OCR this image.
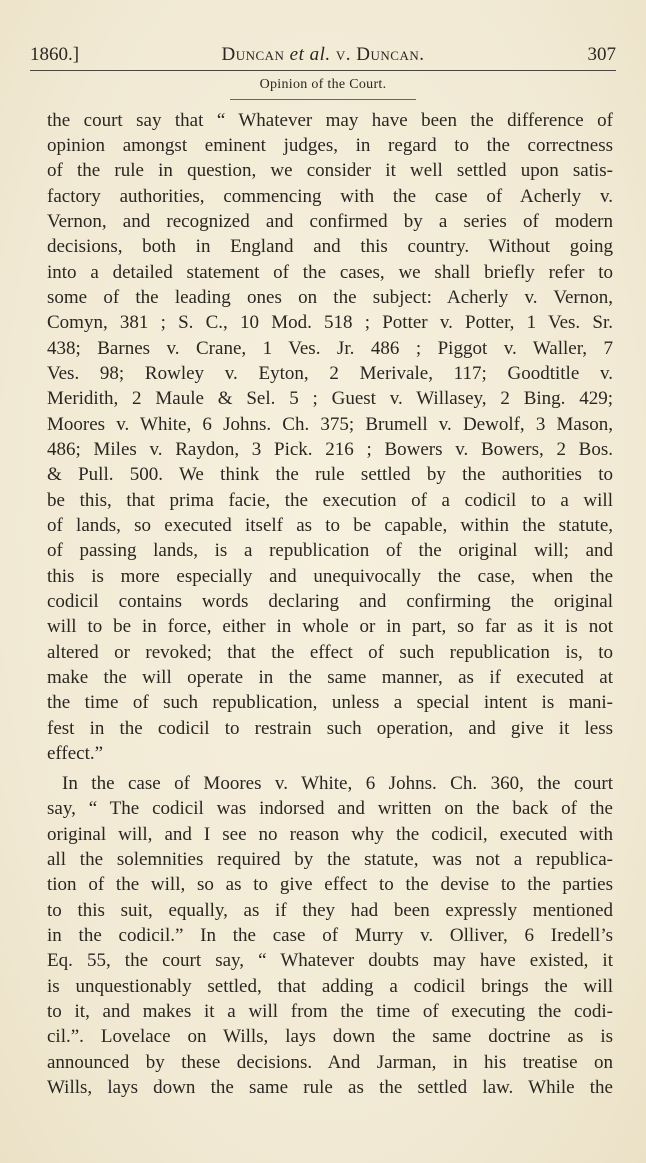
1860.]	Duncan et al. v. Duncan.	307
Opinion of the Court.
the court say that “ Whatever may have been the difference of
opinion amongst eminent judges, in regard to the correctness
of the rule in question, we consider it well settled upon satis-
factory authorities, commencing with the case of Acherly v.
Vernon, and recognized and confirmed by a series of modern
decisions, both in England and this country. Without going
into a detailed statement of the cases, we shall briefly refer to
some of the leading ones on the subject: Acherly v. Vernon,
Comyn, 381 ; S. C., 10 Mod. 518 ; Potter v. Potter, 1 Ves. Sr.
438; Barnes v. Crane, 1 Ves. Jr. 486 ; Piggot v. Waller, 7
Ves. 98; Rowley v. Eyton, 2 Merivale, 117; Goodtitle v.
Meridith, 2 Maule & Sel. 5 ; Guest v. Willasey, 2 Bing. 429;
Moores v. White, 6 Johns. Ch. 375; Brumell v. Dewolf, 3 Mason,
486; Miles v. Raydon, 3 Pick. 216 ; Bowers v. Bowers, 2 Bos.
& Pull. 500. We think the rule settled by the authorities to
be this, that prima facie, the execution of a codicil to a will
of lands, so executed itself as to be capable, within the statute,
of passing lands, is a republication of the original will; and
this is more especially and unequivocally the case, when the
codicil contains words declaring and confirming the original
will to be in force, either in whole or in part, so far as it is not
altered or revoked; that the effect of such republication is, to
make the will operate in the same manner, as if executed at
the time of such republication, unless a special intent is mani-
fest in the codicil to restrain such operation, and give it less
effect.”
In the case of Moores v. White, 6 Johns. Ch. 360, the court
say, “ The codicil was indorsed and written on the back of the
original will, and I see no reason why the codicil, executed with
all the solemnities required by the statute, was not a republica-
tion of the will, so as to give effect to the devise to the parties
to this suit, equally, as if they had been expressly mentioned
in the codicil.” In the case of Murry v. Olliver, 6 Iredell’s
Eq. 55, the court say, “ Whatever doubts may have existed, it
is unquestionably settled, that adding a codicil brings the will
to it, and makes it a will from the time of executing the codi-
cil.”. Lovelace on Wills, lays down the same doctrine as is
announced by these decisions. And Jarman, in his treatise on
Wills, lays down the same rule as the settled law. While the
